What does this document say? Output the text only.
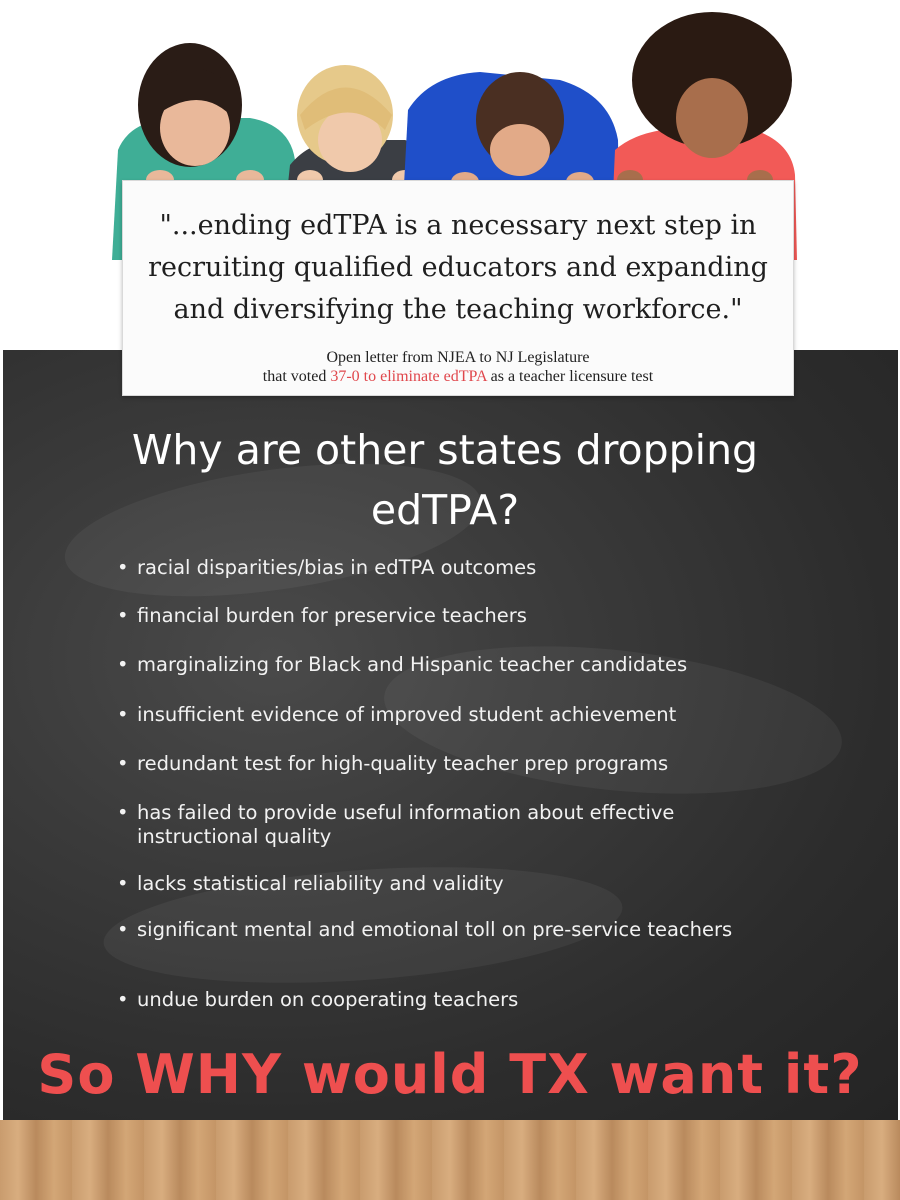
"...ending edTPA is a necessary next step in recruiting qualified educators and expanding and diversifying the teaching workforce."

Open letter from NJEA to NJ Legislature
that voted 37-0 to eliminate edTPA as a teacher licensure test

Why are other states dropping
edTPA?
• racial disparities/bias in edTPA outcomes
• financial burden for preservice teachers
• marginalizing for Black and Hispanic teacher candidates
• insufficient evidence of improved student achievement
• redundant test for high-quality teacher prep programs
• has failed to provide useful information about effective instructional quality
• lacks statistical reliability and validity
• significant mental and emotional toll on pre-service teachers
• undue burden on cooperating teachers

So WHY would TX want it?
